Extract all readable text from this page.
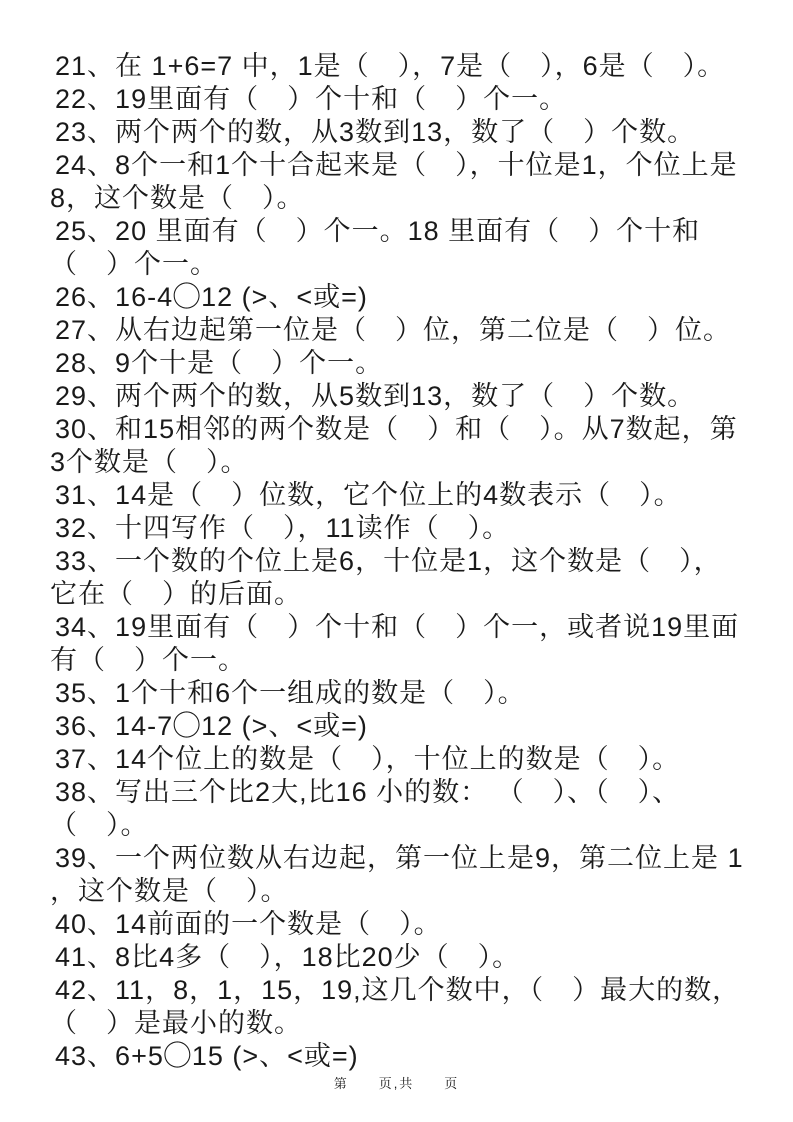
21、在 1+6=7 中，1是（　），7是（　），6是（　）。

22、19里面有（　）个十和（　）个一。

23、两个两个的数，从3数到13，数了（　）个数。

24、8个一和1个十合起来是（　），十位是1，个位上是8，这个数是（　）。

25、20 里面有（　）个一。18 里面有（　）个十和（　）个一。

26、16-4◯12 (>、<或=)

27、从右边起第一位是（　）位，第二位是（　）位。

28、9个十是（　）个一。

29、两个两个的数，从5数到13，数了（　）个数。

30、和15相邻的两个数是（　）和（　）。从7数起，第3个数是（　）。

31、14是（　）位数，它个位上的4数表示（　）。

32、十四写作（　），11读作（　）。

33、一个数的个位上是6，十位是1，这个数是（　），它在（　）的后面。

34、19里面有（　）个十和（　）个一，或者说19里面有（　）个一。

35、1个十和6个一组成的数是（　）。

36、14-7◯12 (>、<或=)

37、14个位上的数是（　），十位上的数是（　）。

38、写出三个比2大,比16 小的数： （　）、（　）、（　）。

39、一个两位数从右边起，第一位上是9，第二位上是 1 ，这个数是（　）。

40、14前面的一个数是（　）。

41、8比4多（　），18比20少（　）。

42、11，8，1，15，19,这几个数中，（　）最大的数，（　）是最小的数。

43、6+5◯15 (>、<或=)

第　　页,共　　页
